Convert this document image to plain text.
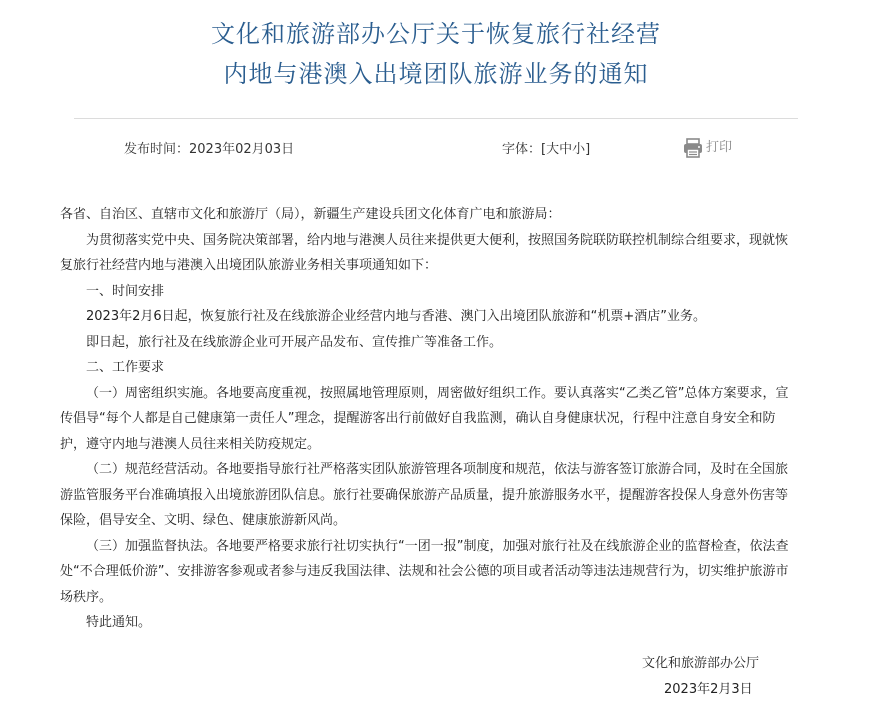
文化和旅游部办公厅关于恢复旅行社经营
内地与港澳入出境团队旅游业务的通知
发布时间：2023年02月03日	字体：[大中小]	打印

各省、自治区、直辖市文化和旅游厅（局），新疆生产建设兵团文化体育广电和旅游局：

为贯彻落实党中央、国务院决策部署，给内地与港澳人员往来提供更大便利，按照国务院联防联控机制综合组要求，现就恢复旅行社经营内地与港澳入出境团队旅游业务相关事项通知如下：

一、时间安排

2023年2月6日起，恢复旅行社及在线旅游企业经营内地与香港、澳门入出境团队旅游和“机票+酒店”业务。

即日起，旅行社及在线旅游企业可开展产品发布、宣传推广等准备工作。

二、工作要求

（一）周密组织实施。各地要高度重视，按照属地管理原则，周密做好组织工作。要认真落实“乙类乙管”总体方案要求，宣传倡导“每个人都是自己健康第一责任人”理念，提醒游客出行前做好自我监测，确认自身健康状况，行程中注意自身安全和防护，遵守内地与港澳人员往来相关防疫规定。

（二）规范经营活动。各地要指导旅行社严格落实团队旅游管理各项制度和规范，依法与游客签订旅游合同，及时在全国旅游监管服务平台准确填报入出境旅游团队信息。旅行社要确保旅游产品质量，提升旅游服务水平，提醒游客投保人身意外伤害等保险，倡导安全、文明、绿色、健康旅游新风尚。

（三）加强监督执法。各地要严格要求旅行社切实执行“一团一报”制度，加强对旅行社及在线旅游企业的监督检查，依法查处“不合理低价游”、安排游客参观或者参与违反我国法律、法规和社会公德的项目或者活动等违法违规营行为，切实维护旅游市场秩序。

特此通知。

文化和旅游部办公厅
2023年2月3日
